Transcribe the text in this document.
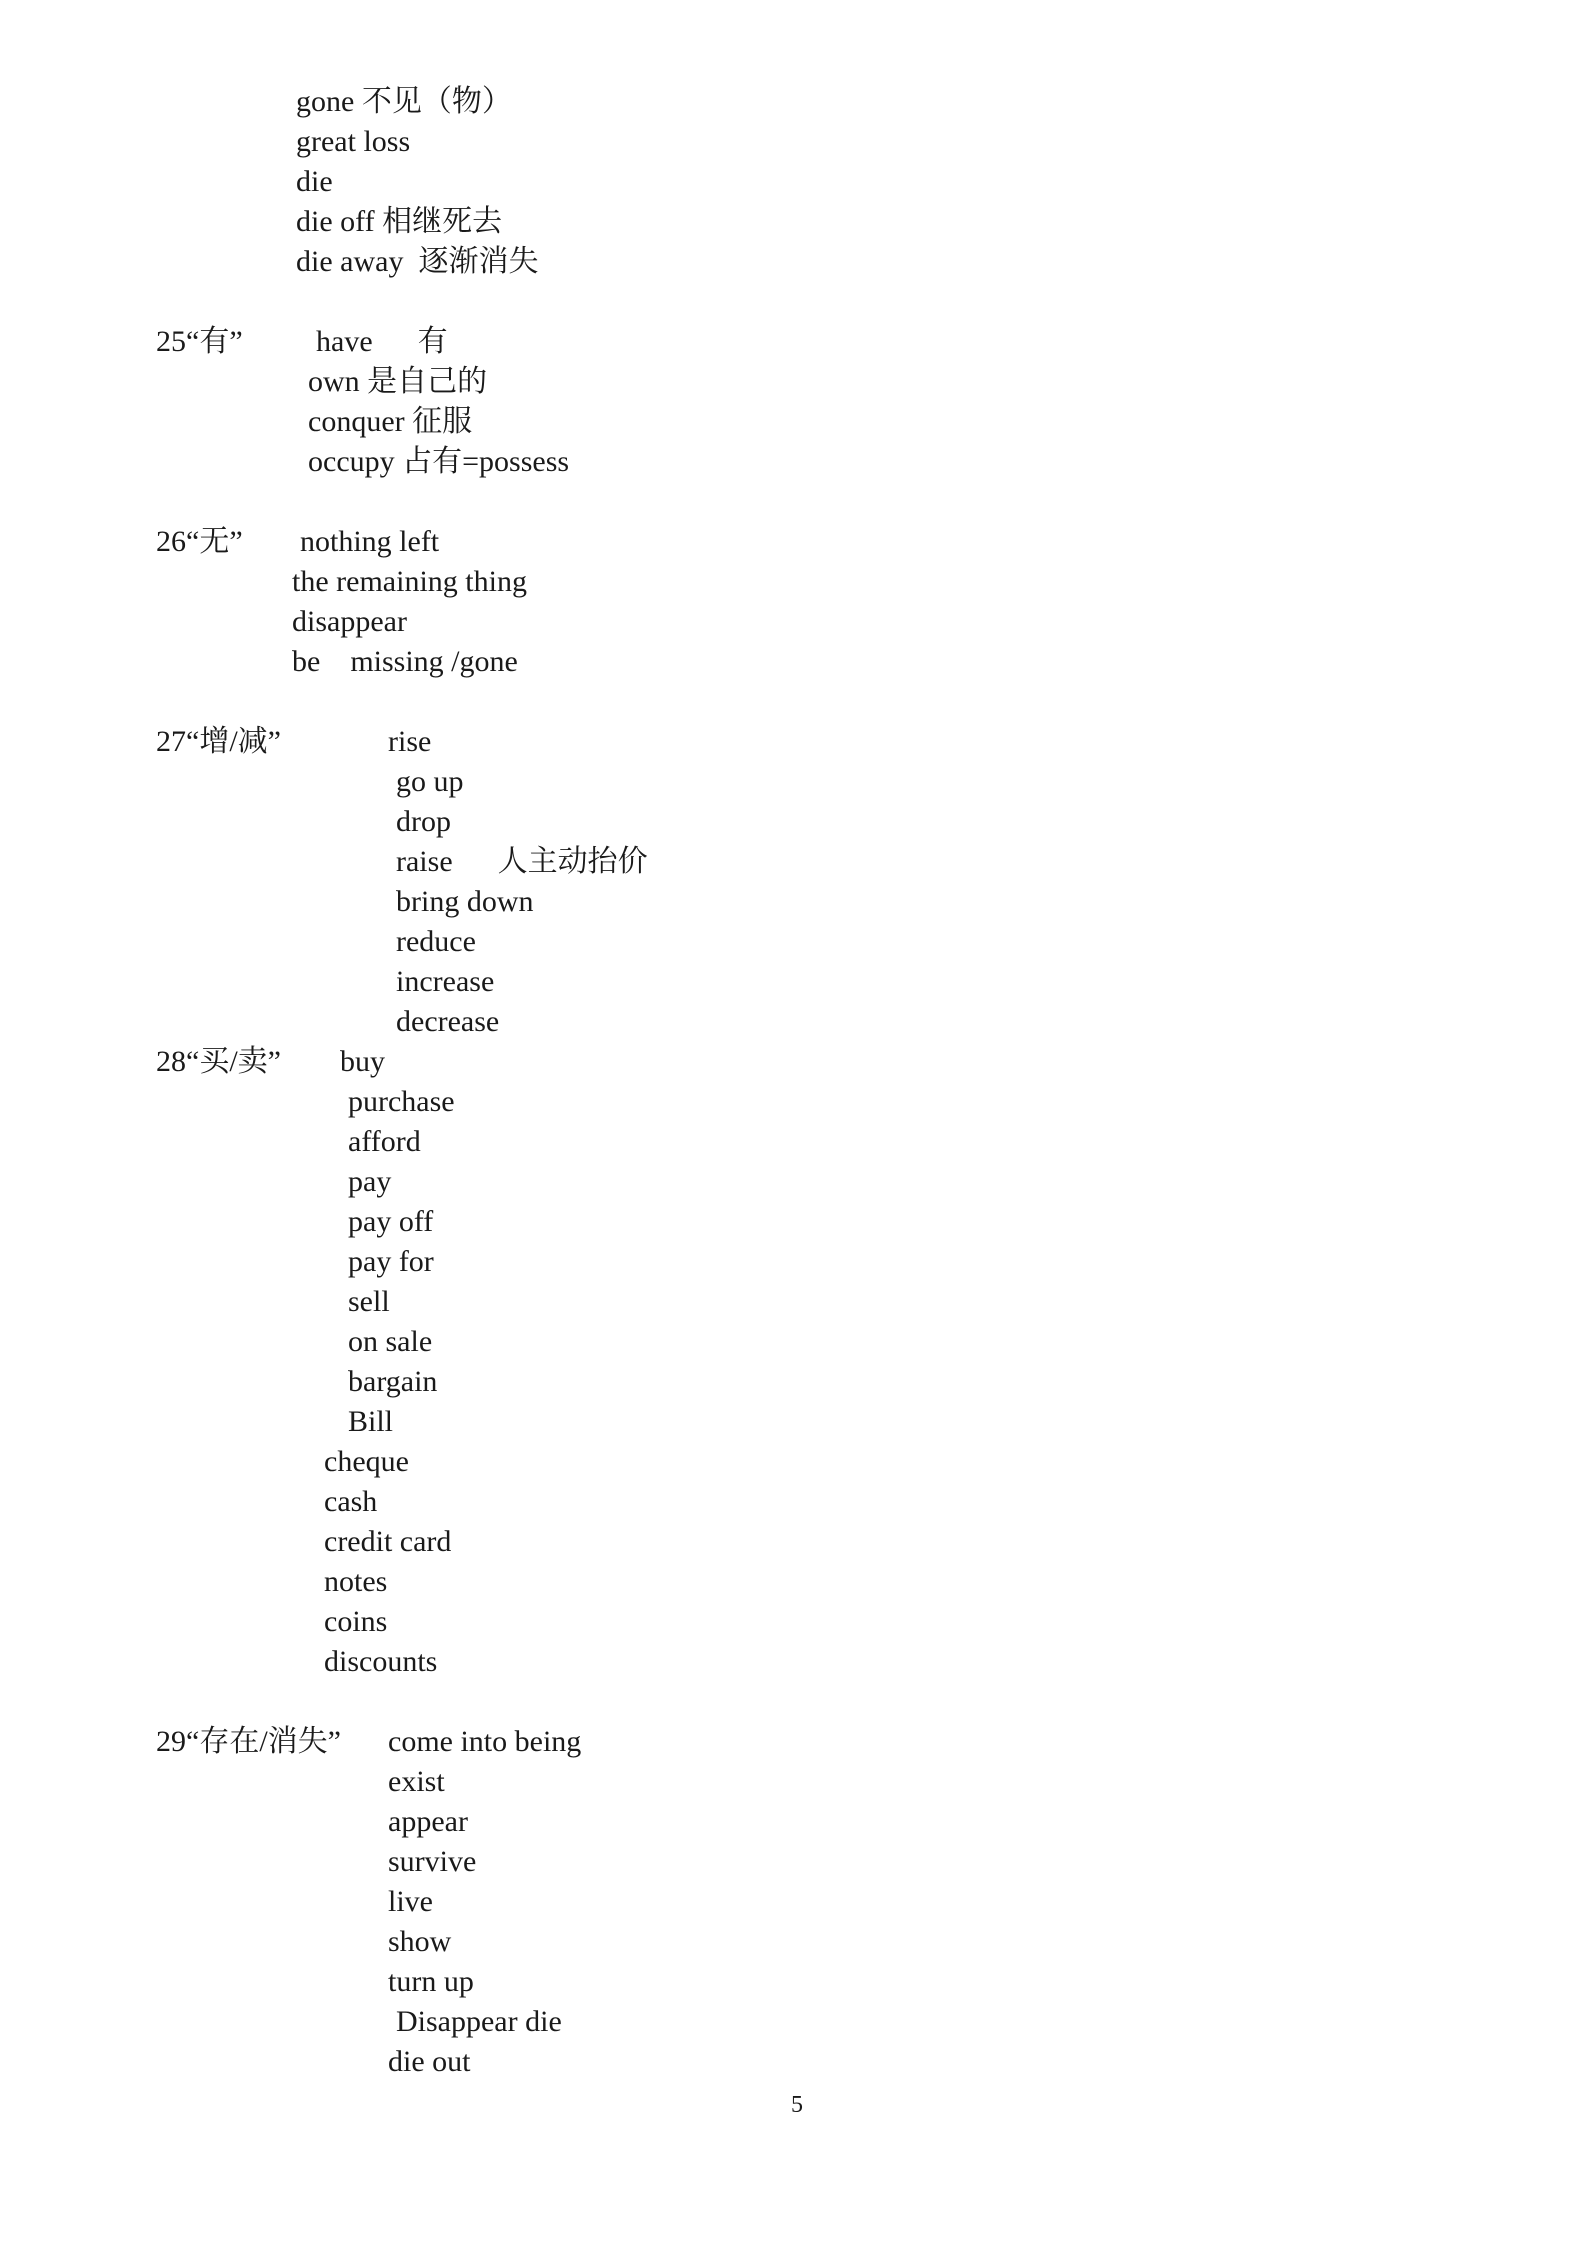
gone 不见（物）
great loss
die
die off 相继死去
die away  逐渐消失
25“有” have      有
own 是自己的
conquer 征服
occupy 占有=possess
26“无” nothing left
the remaining thing
disappear
be    missing /gone
27“增/减”	rise
go up
drop
raise      人主动抬价
bring down
reduce
increase
decrease
28“买/卖” buy
purchase
afford
pay
pay off
pay for
sell
on sale
bargain
Bill
cheque
cash
credit card
notes
coins
discounts
29“存在/消失” come into being
exist
appear
survive
live
show
turn up
Disappear die
die out
5
